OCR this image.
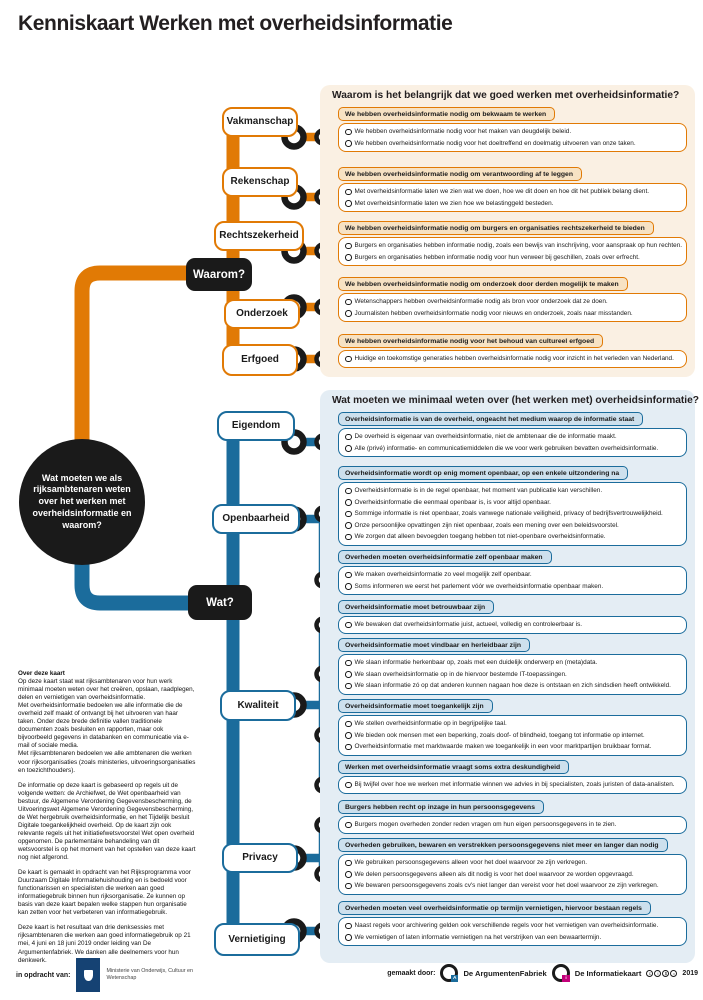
Kenniskaart Werken met overheidsinformatie
Waarom is het belangrijk dat we goed werken met overheidsinformatie?
Wat moeten we minimaal weten over (het werken met) overheidsinformatie?
Waarom?
Wat?
Wat moeten we als rijksambtenaren weten over het werken met overheidsinformatie en waarom?

Over deze kaart

Op deze kaart staat wat rijksambtenaren voor hun werk minimaal moeten weten over het creëren, opslaan, raadplegen, delen en vernietigen van overheidsinformatie.

Met overheidsinformatie bedoelen we alle informatie die de overheid zelf maakt of ontvangt bij het uitvoeren van haar taken. Onder deze brede definitie vallen traditionele documenten zoals besluiten en rapporten, maar ook bijvoorbeeld gegevens in databanken en communicatie via e-mail of sociale media.

Met rijksambtenaren bedoelen we alle ambtenaren die werken voor rijksorganisaties (zoals ministeries, uitvoeringsorganisaties en toezichthouders).

De informatie op deze kaart is gebaseerd op regels uit de volgende wetten: de Archiefwet, de Wet openbaarheid van bestuur, de Algemene Verordening Gegevensbescherming, de Uitvoeringswet Algemene Verordening Gegevensbescherming, de Wet hergebruik overheidsinformatie, en het Tijdelijk besluit Digitale toegankelijkheid overheid. Op de kaart zijn ook relevante regels uit het initiatiefwetsvoorstel Wet open overheid opgenomen. De parlementaire behandeling van dit wetsvoorstel is op het moment van het opstellen van deze kaart nog niet afgerond.

De kaart is gemaakt in opdracht van het Rijksprogramma voor Duurzaam Digitale Informatiehuishouding en is bedoeld voor functionarissen en specialisten die werken aan goed informatiegebruik binnen hun rijksorganisatie. Ze kunnen op basis van deze kaart bepalen welke stappen hun organisatie kan zetten voor het verbeteren van informatiegebruik.

Deze kaart is het resultaat van drie denksessies met rijksambtenaren die werken aan goed informatiegebruik op 21 mei, 4 juni en 18 juni 2019 onder leiding van De Argumentenfabriek. We danken alle deelnemers voor hun denkwerk.

in opdracht van:
Ministerie van Onderwijs, Cultuur en Wetenschap
gemaakt door:
A
De ArgumentenFabriek
i
De Informatiekaart	c	i	$	=	2019
Vakmanschap
We hebben overheidsinformatie nodig om bekwaam te werken
We hebben overheidsinformatie nodig voor het maken van deugdelijk beleid.
We hebben overheidsinformatie nodig voor het doeltreffend en doelmatig uitvoeren van onze taken.
Rekenschap
We hebben overheidsinformatie nodig om verantwoording af te leggen
Met overheidsinformatie laten we zien wat we doen, hoe we dit doen en hoe dit het publiek belang dient.
Met overheidsinformatie laten we zien hoe we belastinggeld besteden.
Rechtszekerheid
We hebben overheidsinformatie nodig om burgers en organisaties rechtszekerheid te bieden
Burgers en organisaties hebben informatie nodig, zoals een bewijs van inschrijving, voor aanspraak op hun rechten.
Burgers en organisaties hebben informatie nodig voor hun verweer bij geschillen, zoals over erfrecht.
Onderzoek
We hebben overheidsinformatie nodig om onderzoek door derden mogelijk te maken
Wetenschappers hebben overheidsinformatie nodig als bron voor onderzoek dat ze doen.
Journalisten hebben overheidsinformatie nodig voor nieuws en onderzoek, zoals naar misstanden.
Erfgoed
We hebben overheidsinformatie nodig voor het behoud van cultureel erfgoed
Huidige en toekomstige generaties hebben overheidsinformatie nodig voor inzicht in het verleden van Nederland.
Eigendom
Overheidsinformatie is van de overheid, ongeacht het medium waarop de informatie staat
De overheid is eigenaar van overheidsinformatie, niet de ambtenaar die de informatie maakt.
Alle (privé) informatie- en communicatiemiddelen die we voor werk gebruiken bevatten overheidsinformatie.
Openbaarheid
Overheidsinformatie wordt op enig moment openbaar, op een enkele uitzondering na
Overheidsinformatie is in de regel openbaar, het moment van publicatie kan verschillen.
Overheidsinformatie die eenmaal openbaar is, is voor altijd openbaar.
Sommige informatie is niet openbaar, zoals vanwege nationale veiligheid, privacy of bedrijfsvertrouwelijkheid.
Onze persoonlijke opvattingen zijn niet openbaar, zoals een mening over een beleidsvoorstel.
We zorgen dat alleen bevoegden toegang hebben tot niet-openbare overheidsinformatie.
Overheden moeten overheidsinformatie zelf openbaar maken
We maken overheidsinformatie zo veel mogelijk zelf openbaar.
Soms informeren we eerst het parlement vóór we overheidsinformatie openbaar maken.
Kwaliteit
Overheidsinformatie moet betrouwbaar zijn
We bewaken dat overheidsinformatie juist, actueel, volledig en controleerbaar is.
Overheidsinformatie moet vindbaar en herleidbaar zijn
We slaan informatie herkenbaar op, zoals met een duidelijk onderwerp en (meta)data.
We slaan overheidsinformatie op in de hiervoor bestemde IT-toepassingen.
We slaan informatie zó op dat anderen kunnen nagaan hoe deze is ontstaan en zich sindsdien heeft ontwikkeld.
Overheidsinformatie moet toegankelijk zijn
We stellen overheidsinformatie op in begrijpelijke taal.
We bieden ook mensen met een beperking, zoals doof- of blindheid, toegang tot informatie op internet.
Overheidsinformatie met marktwaarde maken we toegankelijk in een voor marktpartijen bruikbaar format.
Werken met overheidsinformatie vraagt soms extra deskundigheid
Bij twijfel over hoe we werken met informatie winnen we advies in bij specialisten, zoals juristen of data-analisten.
Privacy
Burgers hebben recht op inzage in hun persoonsgegevens
Burgers mogen overheden zonder reden vragen om hun eigen persoonsgegevens in te zien.
Overheden gebruiken, bewaren en verstrekken persoonsgegevens niet meer en langer dan nodig
We gebruiken persoonsgegevens alleen voor het doel waarvoor ze zijn verkregen.
We delen persoonsgegevens alleen als dit nodig is voor het doel waarvoor ze worden opgevraagd.
We bewaren persoonsgegevens zoals cv's niet langer dan vereist voor het doel waarvoor ze zijn verkregen.
Vernietiging
Overheden moeten veel overheidsinformatie op termijn vernietigen, hiervoor bestaan regels
Naast regels voor archivering gelden ook verschillende regels voor het vernietigen van overheidsinformatie.
We vernietigen of laten informatie vernietigen na het verstrijken van een bewaartermijn.
